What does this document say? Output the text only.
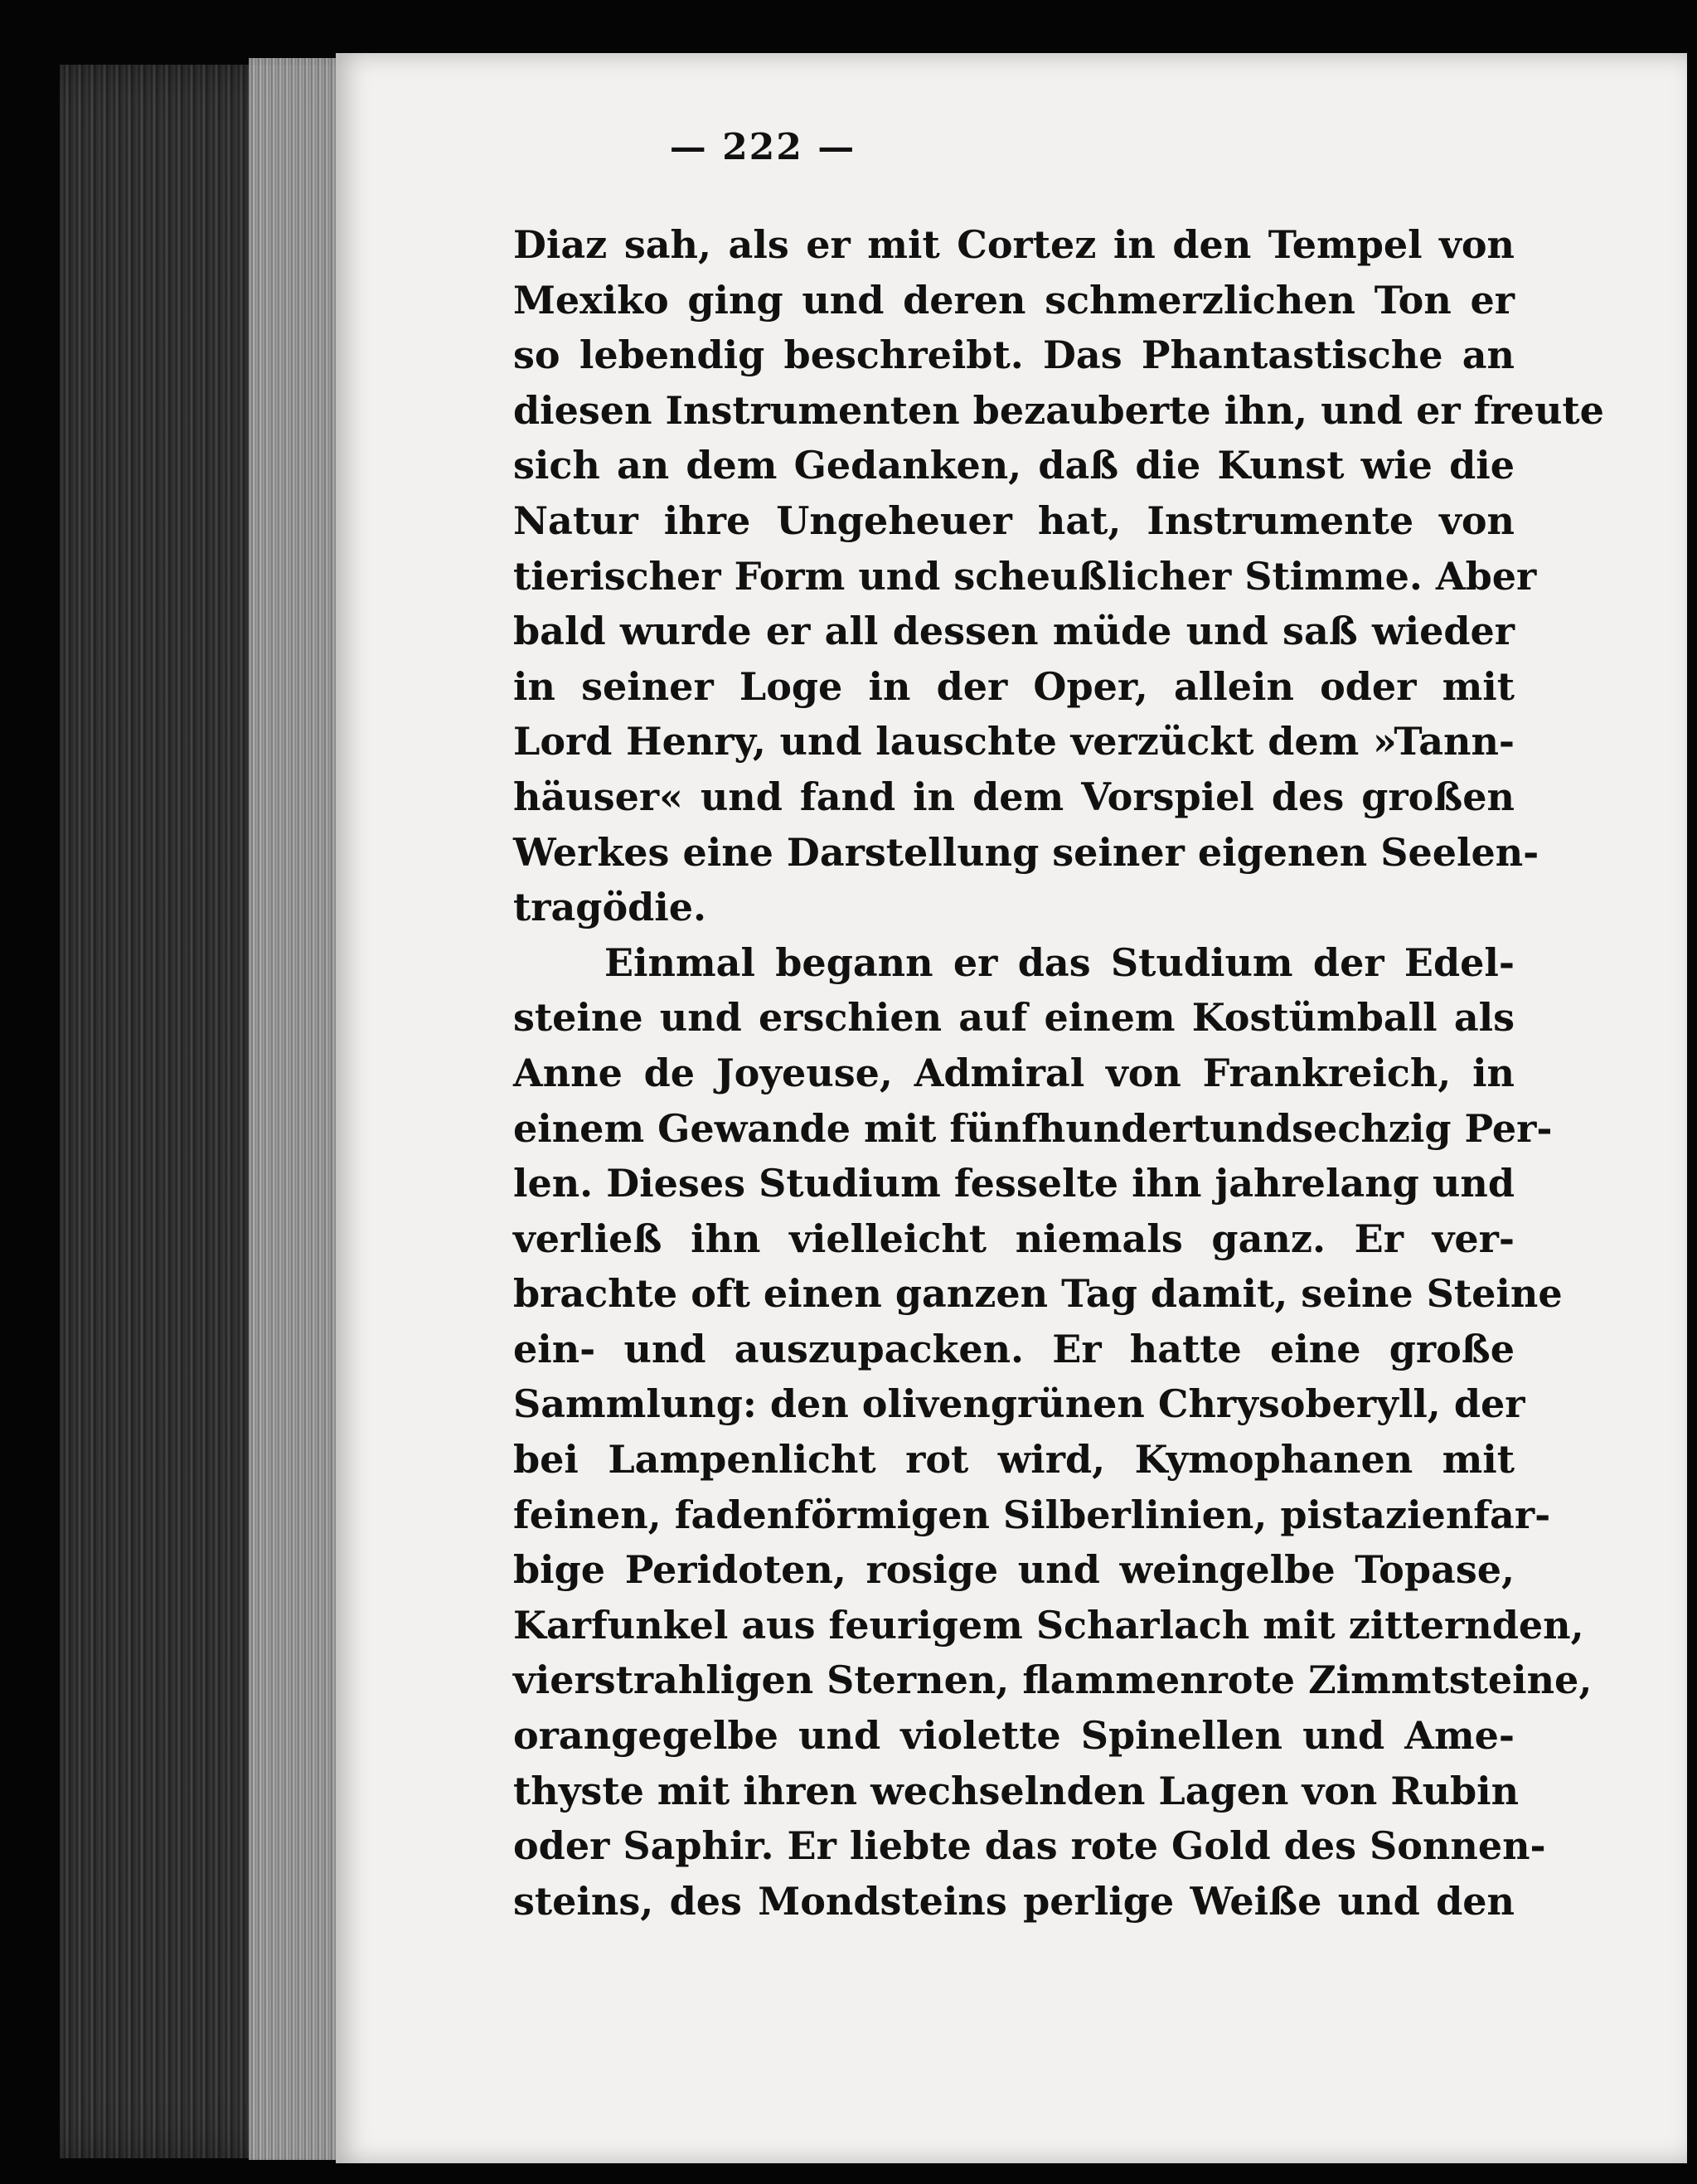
— 222 —
Diaz sah, als er mit Cortez in den Tempel von
Mexiko ging und deren schmerzlichen Ton er
so lebendig beschreibt. Das Phantastische an
diesen Instrumenten bezauberte ihn, und er freute
sich an dem Gedanken, daß die Kunst wie die
Natur ihre Ungeheuer hat, Instrumente von
tierischer Form und scheußlicher Stimme. Aber
bald wurde er all dessen müde und saß wieder
in seiner Loge in der Oper, allein oder mit
Lord Henry, und lauschte verzückt dem »Tann-
häuser« und fand in dem Vorspiel des großen
Werkes eine Darstellung seiner eigenen Seelen-
tragödie.
Einmal begann er das Studium der Edel-
steine und erschien auf einem Kostümball als
Anne de Joyeuse, Admiral von Frankreich, in
einem Gewande mit fünfhundertundsechzig Per-
len. Dieses Studium fesselte ihn jahrelang und
verließ ihn vielleicht niemals ganz. Er ver-
brachte oft einen ganzen Tag damit, seine Steine
ein- und auszupacken. Er hatte eine große
Sammlung: den olivengrünen Chrysoberyll, der
bei Lampenlicht rot wird, Kymophanen mit
feinen, fadenförmigen Silberlinien, pistazienfar-
bige Peridoten, rosige und weingelbe Topase,
Karfunkel aus feurigem Scharlach mit zitternden,
vierstrahligen Sternen, flammenrote Zimmtsteine,
orangegelbe und violette Spinellen und Ame-
thyste mit ihren wechselnden Lagen von Rubin
oder Saphir. Er liebte das rote Gold des Sonnen-
steins, des Mondsteins perlige Weiße und den
